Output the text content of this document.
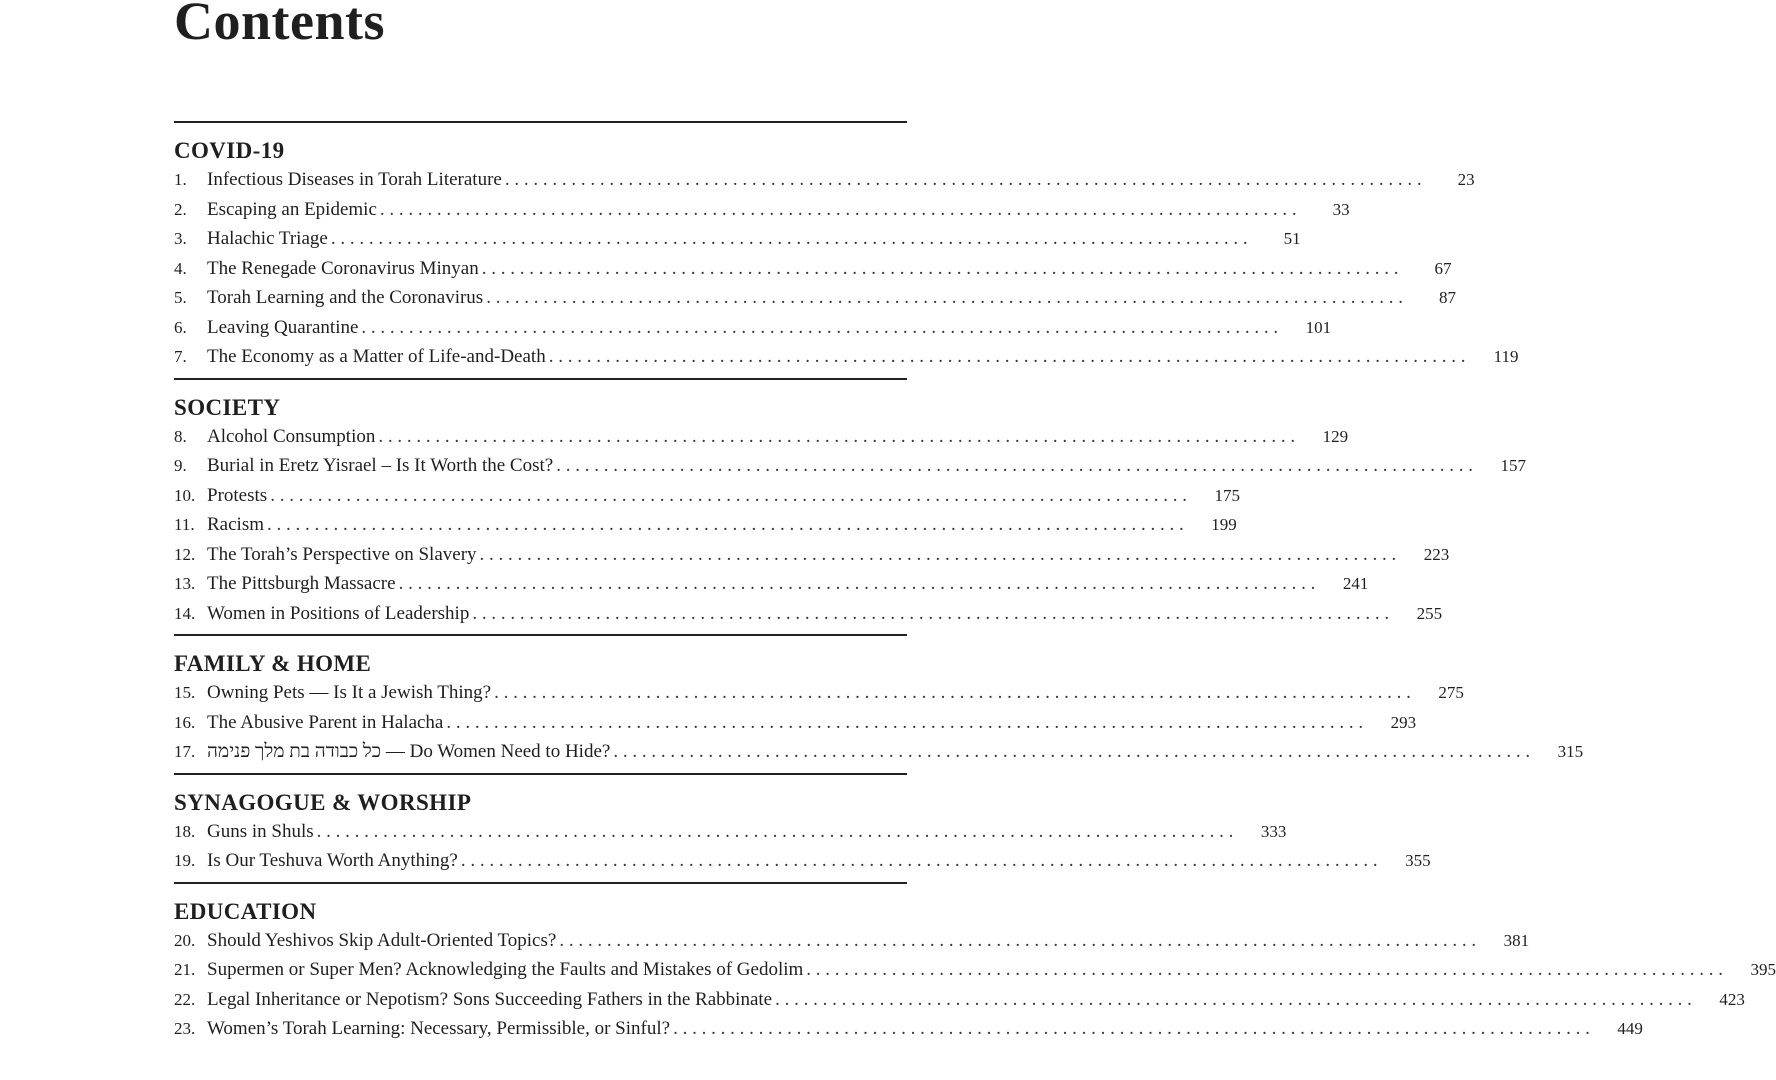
Contents
COVID-19
1.	Infectious Diseases in Torah Literature . . .	23
2.	Escaping an Epidemic . . .	33
3.	Halachic Triage . . .	51
4.	The Renegade Coronavirus Minyan . . .	67
5.	Torah Learning and the Coronavirus . . .	87
6.	Leaving Quarantine . . .	101
7.	The Economy as a Matter of Life-and-Death . . .	119
SOCIETY
8.	Alcohol Consumption . . .	129
9.	Burial in Eretz Yisrael – Is It Worth the Cost? . . .	157
10. Protests . . .	175
11. Racism . . .	199
12. The Torah’s Perspective on Slavery . . .	223
13. The Pittsburgh Massacre . . .	241
14. Women in Positions of Leadership . . .	255
FAMILY & HOME
15. Owning Pets — Is It a Jewish Thing? . . .	275
16. The Abusive Parent in Halacha . . .	293
17. כל כבודה בת מלך פנימה — Do Women Need to Hide? . . .	315
SYNAGOGUE & WORSHIP
18. Guns in Shuls . . .	333
19. Is Our Teshuva Worth Anything? . . .	355
EDUCATION
20. Should Yeshivos Skip Adult-Oriented Topics? . . .	381
21. Supermen or Super Men? Acknowledging the Faults and Mistakes of Gedolim . . .	395
22. Legal Inheritance or Nepotism? Sons Succeeding Fathers in the Rabbinate . . .	423
23. Women’s Torah Learning: Necessary, Permissible, or Sinful? . . .	449
